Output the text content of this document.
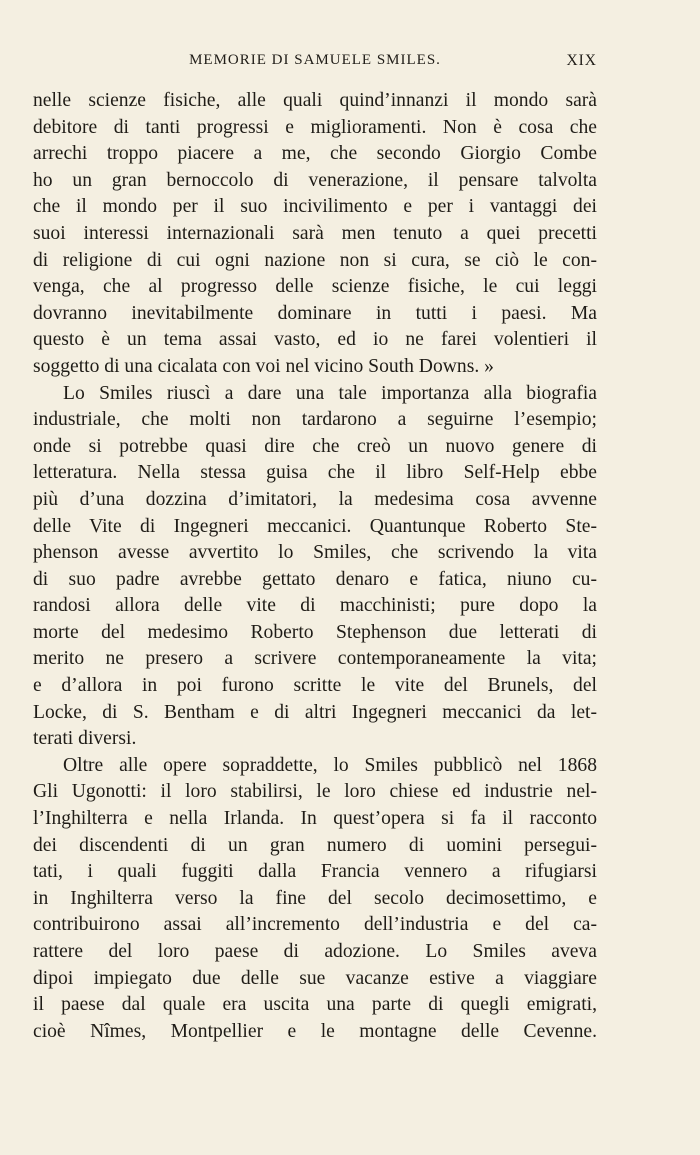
MEMORIE DI SAMUELE SMILES.	XIX
nelle scienze fisiche, alle quali quind’innanzi il mondo sarà
debitore di tanti progressi e miglioramenti. Non è cosa che
arrechi troppo piacere a me, che secondo Giorgio Combe
ho un gran bernoccolo di venerazione, il pensare talvolta
che il mondo per il suo incivilimento e per i vantaggi dei
suoi interessi internazionali sarà men tenuto a quei precetti
di religione di cui ogni nazione non si cura, se ciò le con-
venga, che al progresso delle scienze fisiche, le cui leggi
dovranno inevitabilmente dominare in tutti i paesi. Ma
questo è un tema assai vasto, ed io ne farei volentieri il
soggetto di una cicalata con voi nel vicino South Downs. »
Lo Smiles riuscì a dare una tale importanza alla biografia
industriale, che molti non tardarono a seguirne l’esempio;
onde si potrebbe quasi dire che creò un nuovo genere di
letteratura. Nella stessa guisa che il libro Self-Help ebbe
più d’una dozzina d’imitatori, la medesima cosa avvenne
delle Vite di Ingegneri meccanici. Quantunque Roberto Ste-
phenson avesse avvertito lo Smiles, che scrivendo la vita
di suo padre avrebbe gettato denaro e fatica, niuno cu-
randosi allora delle vite di macchinisti; pure dopo la
morte del medesimo Roberto Stephenson due letterati di
merito ne presero a scrivere contemporaneamente la vita;
e d’allora in poi furono scritte le vite del Brunels, del
Locke, di S. Bentham e di altri Ingegneri meccanici da let-
terati diversi.
Oltre alle opere sopraddette, lo Smiles pubblicò nel 1868
Gli Ugonotti: il loro stabilirsi, le loro chiese ed industrie nel-
l’Inghilterra e nella Irlanda. In quest’opera si fa il racconto
dei discendenti di un gran numero di uomini persegui-
tati, i quali fuggiti dalla Francia vennero a rifugiarsi
in Inghilterra verso la fine del secolo decimosettimo, e
contribuirono assai all’incremento dell’industria e del ca-
rattere del loro paese di adozione. Lo Smiles aveva
dipoi impiegato due delle sue vacanze estive a viaggiare
il paese dal quale era uscita una parte di quegli emigrati,
cioè Nîmes, Montpellier e le montagne delle Cevenne.
